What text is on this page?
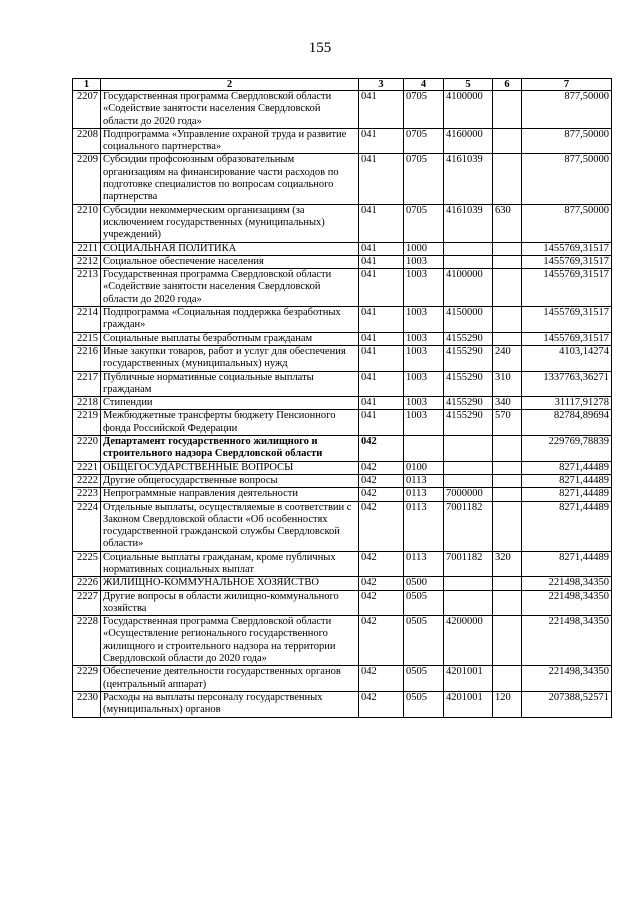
155
1	2	3	4	5	6	7
2207	Государственная программа Свердловской области «Содействие занятости населения Свердловской области до 2020 года»	041	0705	4100000		877,50000
2208	Подпрограмма «Управление охраной труда и развитие социального партнерства»	041	0705	4160000		877,50000
2209	Субсидии профсоюзным образовательным организациям на финансирование части расходов по подготовке специалистов по вопросам социального партнерства	041	0705	4161039		877,50000
2210	Субсидии некоммерческим организациям (за исключением государственных (муниципальных) учреждений)	041	0705	4161039	630	877,50000
2211	СОЦИАЛЬНАЯ ПОЛИТИКА	041	1000			1455769,31517
2212	Социальное обеспечение населения	041	1003			1455769,31517
2213	Государственная программа Свердловской области «Содействие занятости населения Свердловской области до 2020 года»	041	1003	4100000		1455769,31517
2214	Подпрограмма «Социальная поддержка безработных граждан»	041	1003	4150000		1455769,31517
2215	Социальные выплаты безработным гражданам	041	1003	4155290		1455769,31517
2216	Иные закупки товаров, работ и услуг для обеспечения государственных (муниципальных) нужд	041	1003	4155290	240	4103,14274
2217	Публичные нормативные социальные выплаты гражданам	041	1003	4155290	310	1337763,36271
2218	Стипендии	041	1003	4155290	340	31117,91278
2219	Межбюджетные трансферты бюджету Пенсионного фонда Российской Федерации	041	1003	4155290	570	82784,89694
2220	Департамент государственного жилищного и строительного надзора Свердловской области	042				229769,78839
2221	ОБЩЕГОСУДАРСТВЕННЫЕ ВОПРОСЫ	042	0100			8271,44489
2222	Другие общегосударственные вопросы	042	0113			8271,44489
2223	Непрограммные направления деятельности	042	0113	7000000		8271,44489
2224	Отдельные выплаты, осуществляемые в соответствии с Законом Свердловской области «Об особенностях государственной гражданской службы Свердловской области»	042	0113	7001182		8271,44489
2225	Социальные выплаты гражданам, кроме публичных нормативных социальных выплат	042	0113	7001182	320	8271,44489
2226	ЖИЛИЩНО-КОММУНАЛЬНОЕ ХОЗЯЙСТВО	042	0500			221498,34350
2227	Другие вопросы в области жилищно-коммунального хозяйства	042	0505			221498,34350
2228	Государственная программа Свердловской области «Осуществление регионального государственного жилищного и строительного надзора на территории Свердловской области до 2020 года»	042	0505	4200000		221498,34350
2229	Обеспечение деятельности государственных органов (центральный аппарат)	042	0505	4201001		221498,34350
2230	Расходы на выплаты персоналу государственных (муниципальных) органов	042	0505	4201001	120	207388,52571
